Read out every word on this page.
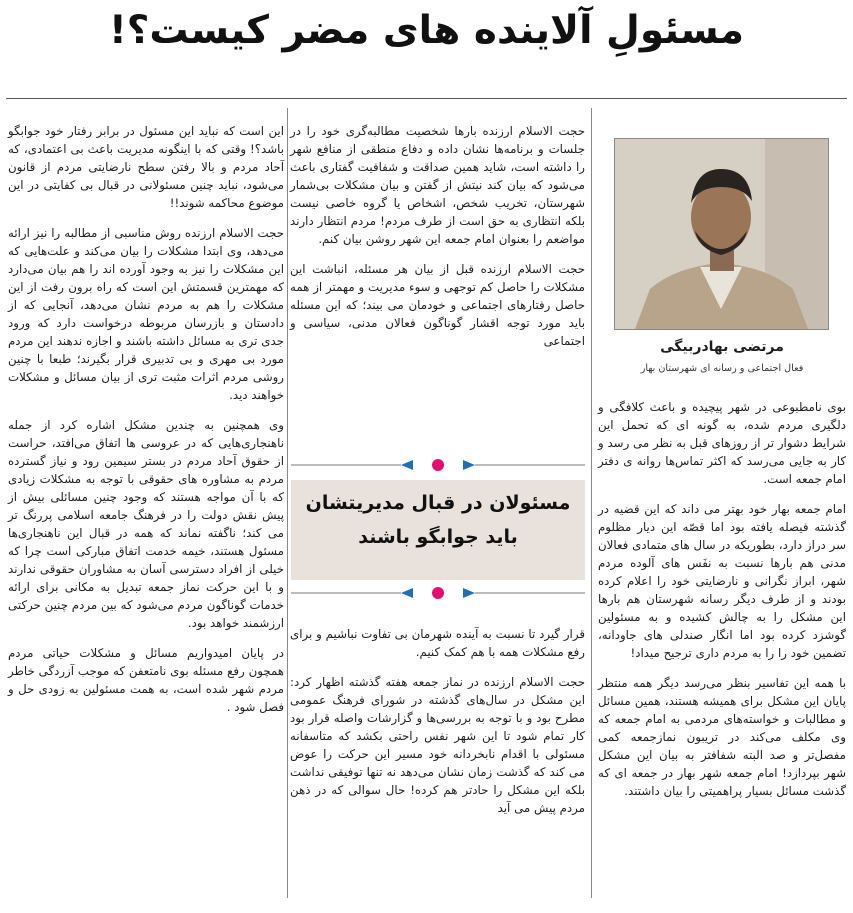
مسئولِ آلاینده های مضر کیست؟!
مرتضی بهادربیگی
فعال اجتماعی و رسانه ای شهرستان بهار

بوی نامطبوعی در شهر پیچیده و باعث کلافگی و دلگیری مردم شده، به گونه ای که تحمل این شرایط دشوار تر از روزهای قبل به نظر می رسد و کار به جایی می‌رسد که اکثر تماس‌ها روانه ی دفتر امام جمعه است.

امام جمعه بهار خود بهتر می داند که این قضیه در گذشته فیصله یافته بود اما قصّه این دیار مظلوم سر دراز دارد، بطوریکه در سال های متمادی فعالان مدنی هم بارها نسبت به نفَس های آلوده مردم شهر، ابراز نگرانی و نارضایتی خود را اعلام کرده بودند و از طرف دیگر رسانه شهرستان هم بارها این مشکل را به چالش کشیده و به مسئولین گوشزد کرده بود اما انگار صندلی های جاودانه، تضمین خود را را به مردم داری ترجیح میداد!

با همه این تفاسیر بنظر می‌رسد دیگر همه منتظر پایان این مشکل برای همیشه هستند، همین مسائل و مطالبات و خواسته‌های مردمی به امام جمعه که وی مکلف می‌کند در تریبون نمازجمعه کمی مفصل‌تر و صد البته شفافتر به بیان این مشکل شهر بپردازد! امام جمعه شهر بهار در جمعه ای که گذشت مسائل بسیار پراهمیتی را بیان داشتند.

حجت الاسلام ارزنده بارها شخصیت مطالبه‌گری خود را در جلسات و برنامه‌ها نشان داده و دفاع منطقی از منافع شهر را داشته است، شاید همین صداقت و شفافیت گفتاری باعث می‌شود که بیان کند نیتش از گفتن و بیان مشکلات بی‌شمار شهرستان، تخریب شخص، اشخاص یا گروه خاصی نیست بلکه انتظاری به حق است از طرف مردم! مردم انتظار دارند مواضعم را بعنوان امام جمعه این شهر روشن بیان کنم.

حجت الاسلام ارزنده قبل از بیان هر مسئله، انباشت این مشکلات را حاصل کم توجهی و سوء مدیریت و مهمتر از همه حاصل رفتارهای اجتماعی و خودمان می بیند؛ که این مسئله باید مورد توجه اقشار گوناگون فعالان مدنی، سیاسی و اجتماعی

مسئولان در قبال مدیریتشان باید جوابگو باشند

قرار گیرد تا نسبت به آینده شهرمان بی تفاوت نباشیم و برای رفع مشکلات همه با هم کمک کنیم.

حجت الاسلام ارزنده در نماز جمعه هفته گذشته اظهار کرد: این مشکل در سال‌های گذشته در شورای فرهنگ عمومی مطرح بود و با توجه به بررسی‌ها و گزارشات واصله قرار بود کار تمام شود تا این شهر نفس راحتی بکشد که متاسفانه مسئولی با اقدام نابخردانه خود مسیر این حرکت را عوض می کند که گذشت زمان نشان می‌دهد نه تنها توفیقی نداشت بلکه این مشکل را حادتر هم کرده! حال سوالی که در ذهن مردم پیش می آید

این است که نباید این مسئول در برابر رفتار خود جوابگو باشد؟! وقتی که با اینگونه مدیریت باعث بی اعتمادی، که آحاد مردم و بالا رفتن سطح نارضایتی مردم از قانون می‌شود، نباید چنین مسئولانی در قبال بی کفایتی در این موضوع محاکمه شوند!!

حجت الاسلام ارزنده روش مناسبی از مطالبه را نیز ارائه می‌دهد، وی ابتدا مشکلات را بیان می‌کند و علت‌هایی که این مشکلات را نیز به وجود آورده اند را هم بیان می‌دارد که مهمترین قسمتش این است که راه برون رفت از این مشکلات را هم به مردم نشان می‌دهد، آنجایی که از دادستان و بازرسان مربوطه درخواست دارد که ورود جدی تری به مسائل داشته باشند و اجازه ندهند این مردم مورد بی مهری و بی تدبیری قرار بگیرند؛ طبعا با چنین روشی مردم اثرات مثبت تری از بیان مسائل و مشکلات خواهند دید.

وی همچنین به چندین مشکل اشاره کرد از جمله ناهنجاری‌هایی که در عروسی ها اتفاق می‌افتد، حراست از حقوق آحاد مردم در بستر سیمین رود و نیاز گسترده مردم به مشاوره های حقوقی با توجه به مشکلات زیادی که با آن مواجه هستند که وجود چنین مسائلی بیش از پیش نقش دولت را در فرهنگ جامعه اسلامی پررنگ تر می کند؛ ناگفته نماند که همه در قبال این ناهنجاری‌ها مسئول هستند، خیمه خدمت اتفاق مبارکی است چرا که خیلی از افراد دسترسی آسان به مشاوران حقوقی ندارند و با این حرکت نماز جمعه تبدیل به مکانی برای ارائه خدمات گوناگون مردم می‌شود که بین مردم چنین حرکتی ارزشمند خواهد بود.

در پایان امیدواریم مسائل و مشکلات حیاتی مردم همچون رفع مسئله بوی نامتعفن که موجب آزردگی خاطر مردم شهر شده است، به همت مسئولین به زودی حل و فصل شود .
